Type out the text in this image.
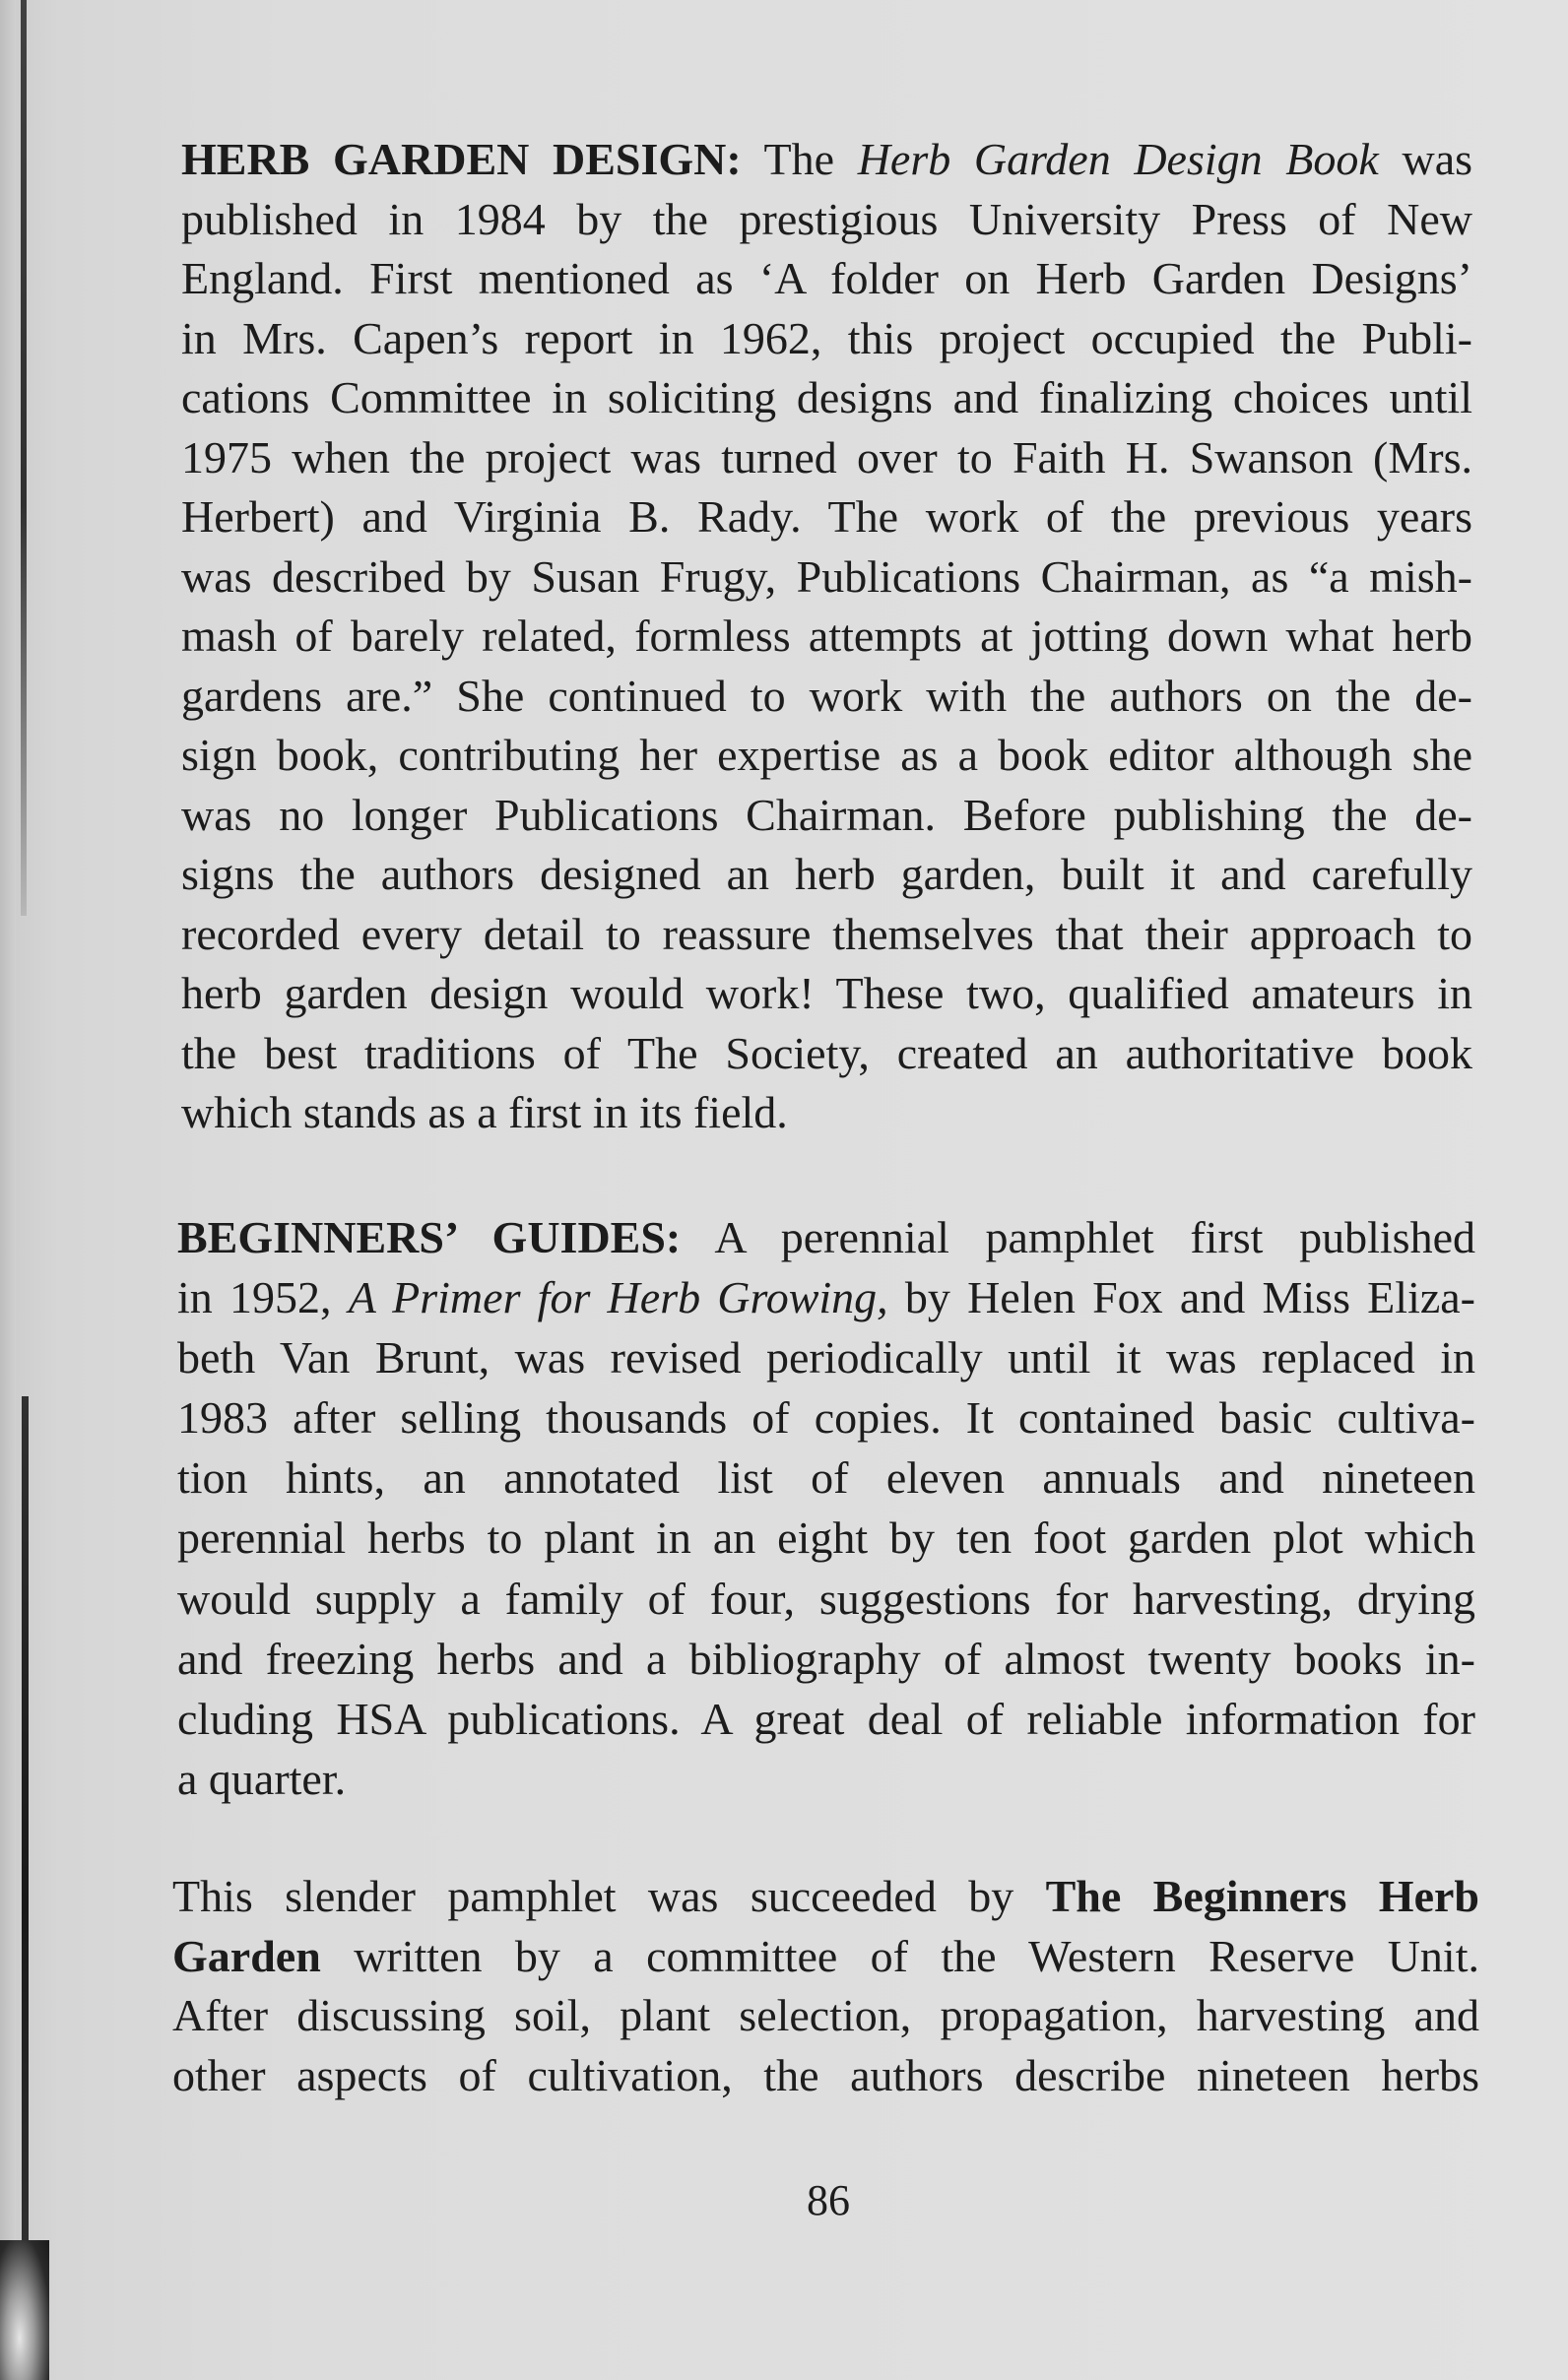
HERB GARDEN DESIGN: The Herb Garden Design Book was
published in 1984 by the prestigious University Press of New
England. First mentioned as ‘A folder on Herb Garden Designs’
in Mrs. Capen’s report in 1962, this project occupied the Publi-
cations Committee in soliciting designs and finalizing choices until
1975 when the project was turned over to Faith H. Swanson (Mrs.
Herbert) and Virginia B. Rady. The work of the previous years
was described by Susan Frugy, Publications Chairman, as “a mish-
mash of barely related, formless attempts at jotting down what herb
gardens are.” She continued to work with the authors on the de-
sign book, contributing her expertise as a book editor although she
was no longer Publications Chairman. Before publishing the de-
signs the authors designed an herb garden, built it and carefully
recorded every detail to reassure themselves that their approach to
herb garden design would work! These two, qualified amateurs in
the best traditions of The Society, created an authoritative book
which stands as a first in its field.
BEGINNERS’ GUIDES: A perennial pamphlet first published
in 1952, A Primer for Herb Growing, by Helen Fox and Miss Eliza-
beth Van Brunt, was revised periodically until it was replaced in
1983 after selling thousands of copies. It contained basic cultiva-
tion hints, an annotated list of eleven annuals and nineteen
perennial herbs to plant in an eight by ten foot garden plot which
would supply a family of four, suggestions for harvesting, drying
and freezing herbs and a bibliography of almost twenty books in-
cluding HSA publications. A great deal of reliable information for
a quarter.
This slender pamphlet was succeeded by The Beginners Herb
Garden written by a committee of the Western Reserve Unit.
After discussing soil, plant selection, propagation, harvesting and
other aspects of cultivation, the authors describe nineteen herbs
86
